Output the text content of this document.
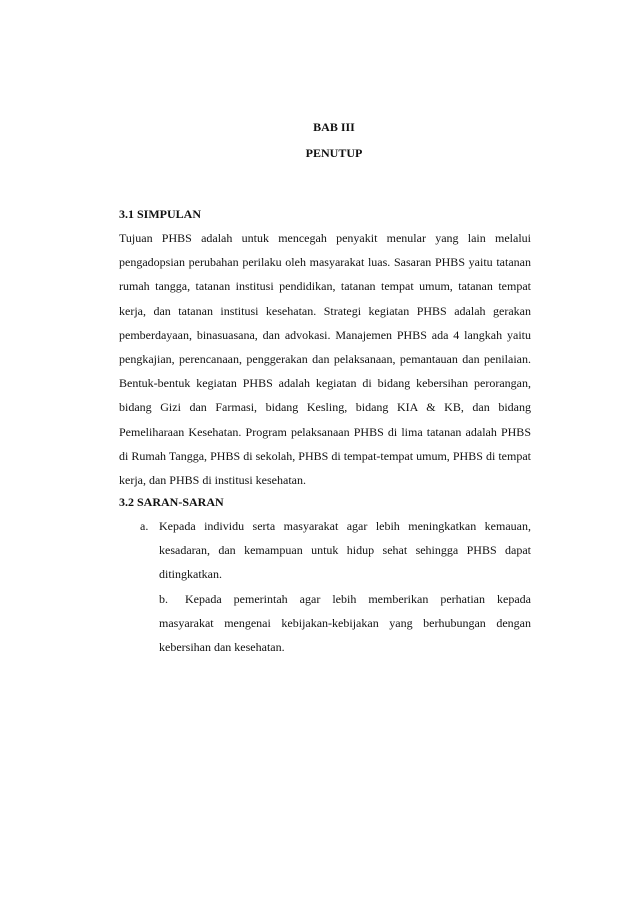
BAB III
PENUTUP
3.1 SIMPULAN

Tujuan PHBS adalah untuk mencegah penyakit menular yang lain melalui pengadopsian perubahan perilaku oleh masyarakat luas. Sasaran PHBS yaitu tatanan rumah tangga, tatanan institusi pendidikan, tatanan tempat umum, tatanan tempat kerja, dan tatanan institusi kesehatan. Strategi kegiatan PHBS adalah gerakan pemberdayaan, binasuasana, dan advokasi. Manajemen PHBS ada 4 langkah yaitu pengkajian, perencanaan, penggerakan dan pelaksanaan, pemantauan dan penilaian. Bentuk-bentuk kegiatan PHBS adalah kegiatan di bidang kebersihan perorangan, bidang Gizi dan Farmasi, bidang Kesling, bidang KIA & KB, dan bidang Pemeliharaan Kesehatan. Program pelaksanaan PHBS di lima tatanan adalah PHBS di Rumah Tangga, PHBS di sekolah, PHBS di tempat-tempat umum, PHBS di tempat kerja, dan PHBS di institusi kesehatan.

3.2 SARAN-SARAN
a. Kepada individu serta masyarakat agar lebih meningkatkan kemauan, kesadaran, dan kemampuan untuk hidup sehat sehingga PHBS dapat ditingkatkan.
b. Kepada pemerintah agar lebih memberikan perhatian kepada masyarakat mengenai kebijakan-kebijakan yang berhubungan dengan kebersihan dan kesehatan.
